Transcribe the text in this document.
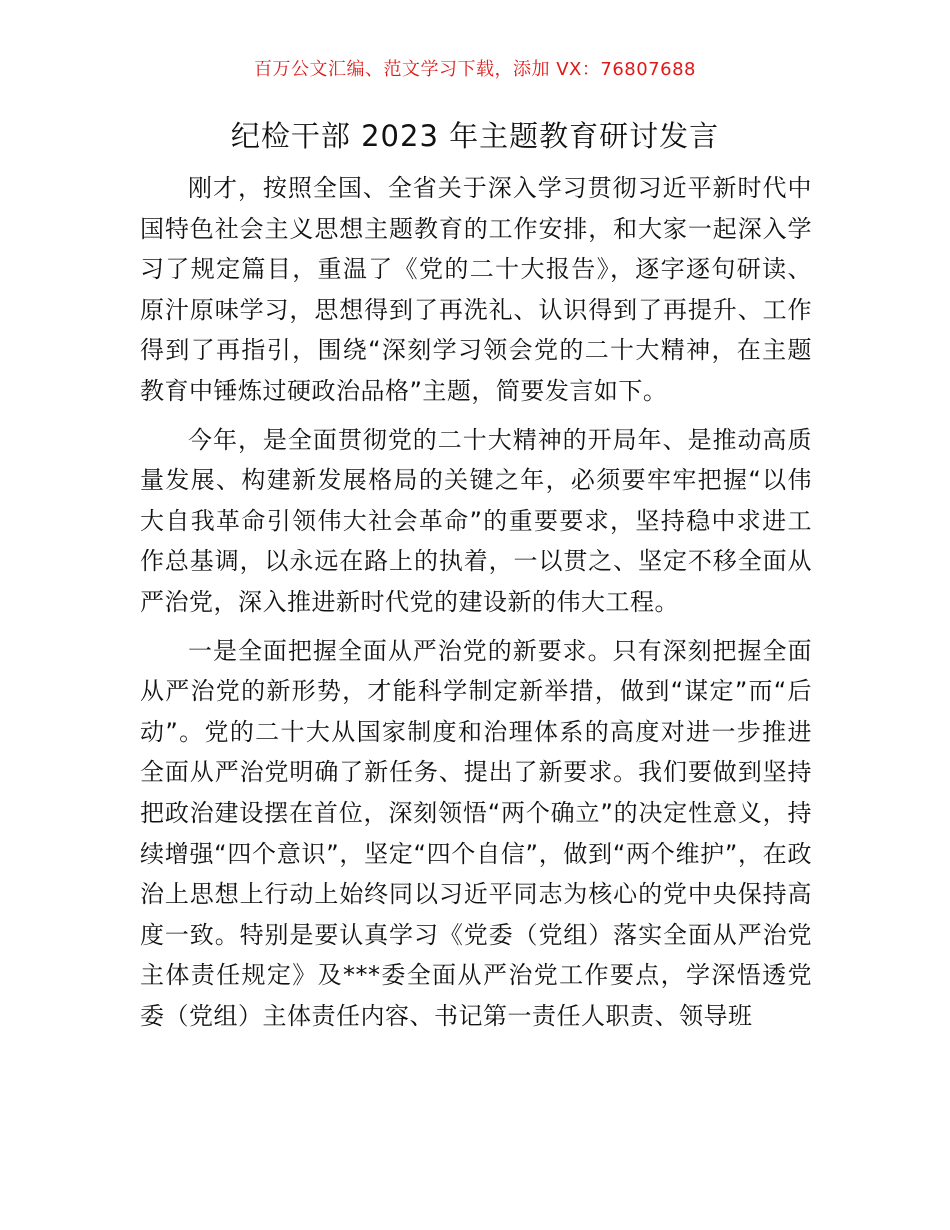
百万公文汇编、范文学习下载，添加 VX：76807688
纪检干部 2023 年主题教育研讨发言

刚才，按照全国、全省关于深入学习贯彻习近平新时代中国特色社会主义思想主题教育的工作安排，和大家一起深入学习了规定篇目，重温了《党的二十大报告》，逐字逐句研读、原汁原味学习，思想得到了再洗礼、认识得到了再提升、工作得到了再指引，围绕“深刻学习领会党的二十大精神，在主题教育中锤炼过硬政治品格”主题，简要发言如下。

今年，是全面贯彻党的二十大精神的开局年、是推动高质量发展、构建新发展格局的关键之年，必须要牢牢把握“以伟大自我革命引领伟大社会革命”的重要要求，坚持稳中求进工作总基调，以永远在路上的执着，一以贯之、坚定不移全面从严治党，深入推进新时代党的建设新的伟大工程。

一是全面把握全面从严治党的新要求。只有深刻把握全面从严治党的新形势，才能科学制定新举措，做到“谋定”而“后动”。党的二十大从国家制度和治理体系的高度对进一步推进全面从严治党明确了新任务、提出了新要求。我们要做到坚持把政治建设摆在首位，深刻领悟“两个确立”的决定性意义，持续增强“四个意识”，坚定“四个自信”，做到“两个维护”，在政治上思想上行动上始终同以习近平同志为核心的党中央保持高度一致。特别是要认真学习《党委（党组）落实全面从严治党主体责任规定》及***委全面从严治党工作要点，学深悟透党委（党组）主体责任内容、书记第一责任人职责、领导班
